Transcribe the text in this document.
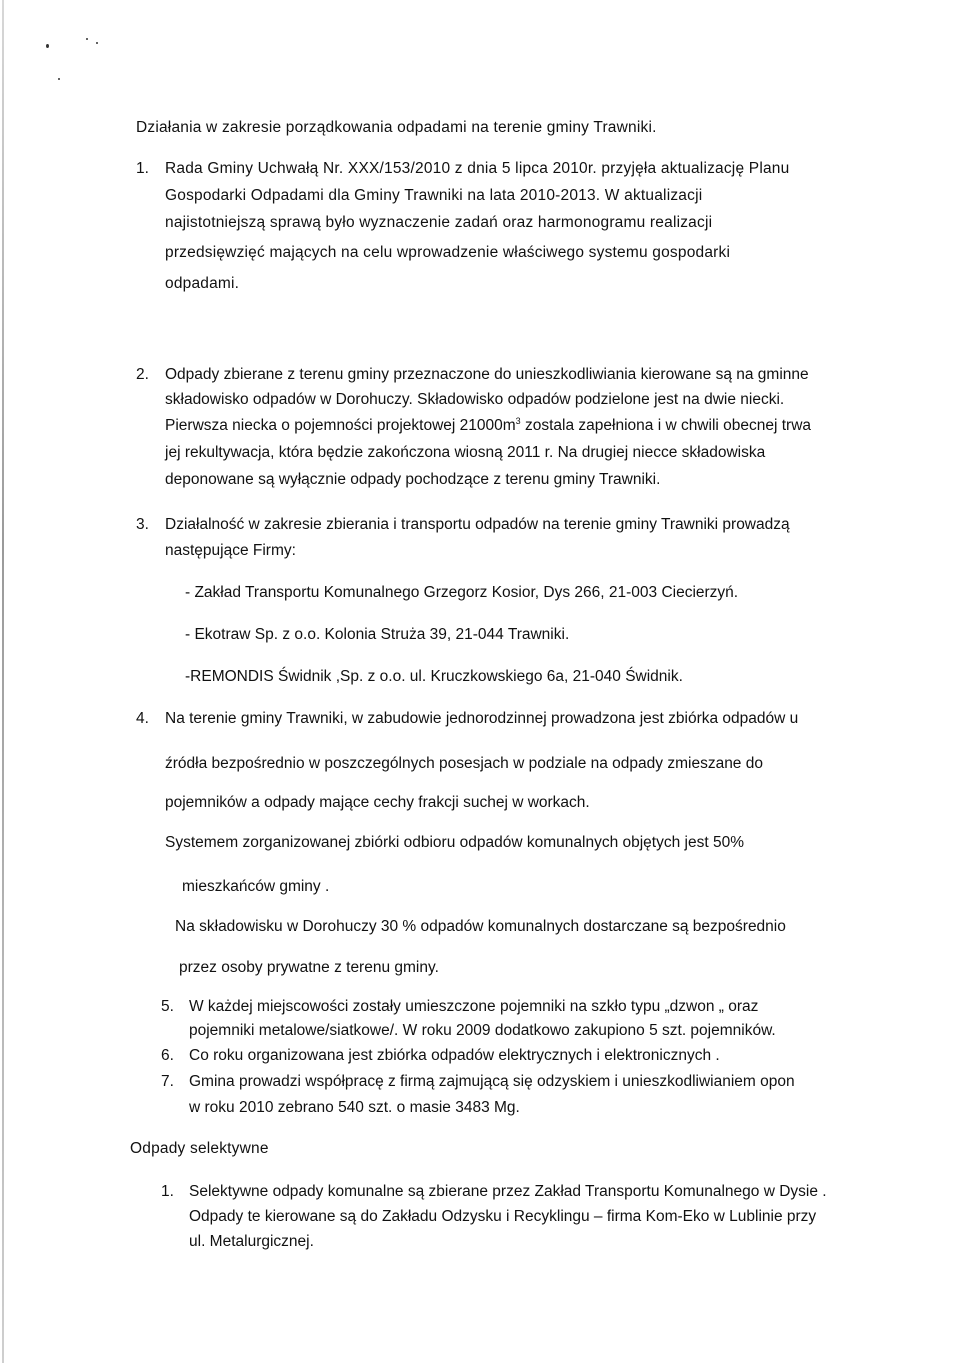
Działania w zakresie porządkowania odpadami na terenie gminy Trawniki.
1. Rada Gminy Uchwałą Nr. XXX/153/2010 z dnia 5 lipca 2010r. przyjęła aktualizację Planu
Gospodarki Odpadami dla Gminy Trawniki na lata 2010-2013. W aktualizacji
najistotniejszą sprawą było wyznaczenie zadań oraz harmonogramu realizacji
przedsięwzięć mających na celu wprowadzenie właściwego systemu gospodarki
odpadami.
2. Odpady zbierane z terenu gminy przeznaczone do unieszkodliwiania kierowane są na gminne
składowisko odpadów w Dorohuczy. Składowisko odpadów podzielone jest na dwie niecki.
Pierwsza niecka o pojemności projektowej $21000m^3$ zostala zapełniona i w chwili obecnej trwa
jej rekultywacja, która będzie zakończona wiosną 2011 r. Na drugiej niecce składowiska
deponowane są wyłącznie odpady pochodzące z terenu gminy Trawniki.
3. Działalność w zakresie zbierania i transportu odpadów na terenie gminy Trawniki prowadzą
następujące Firmy:
- Zakład Transportu Komunalnego Grzegorz Kosior, Dys 266, 21-003 Ciecierzyń.
- Ekotraw Sp. z o.o. Kolonia Struża 39, 21-044 Trawniki.
-REMONDIS Świdnik ,Sp. z o.o. ul. Kruczkowskiego 6a, 21-040 Świdnik.
4. Na terenie gminy Trawniki, w zabudowie jednorodzinnej prowadzona jest zbiórka odpadów u
źródła bezpośrednio w poszczególnych posesjach w podziale na odpady zmieszane do
pojemników a odpady mające cechy frakcji suchej w workach.
Systemem zorganizowanej zbiórki odbioru odpadów komunalnych objętych jest 50%
mieszkańców gminy .
Na składowisku w Dorohuczy 30 % odpadów komunalnych dostarczane są bezpośrednio
przez osoby prywatne z terenu gminy.
5. W każdej miejscowości zostały umieszczone pojemniki na szkło typu „dzwon „ oraz
pojemniki metalowe/siatkowe/. W roku 2009 dodatkowo zakupiono 5 szt. pojemników.
6. Co roku organizowana jest zbiórka odpadów elektrycznych i elektronicznych .
7. Gmina prowadzi współpracę z firmą zajmującą się odzyskiem i unieszkodliwianiem opon
w roku 2010 zebrano 540 szt. o masie 3483 Mg.
Odpady selektywne
1. Selektywne odpady komunalne są zbierane przez Zakład Transportu Komunalnego w Dysie .
Odpady te kierowane są do Zakładu Odzysku i Recyklingu – firma Kom-Eko w Lublinie przy
ul. Metalurgicznej.
